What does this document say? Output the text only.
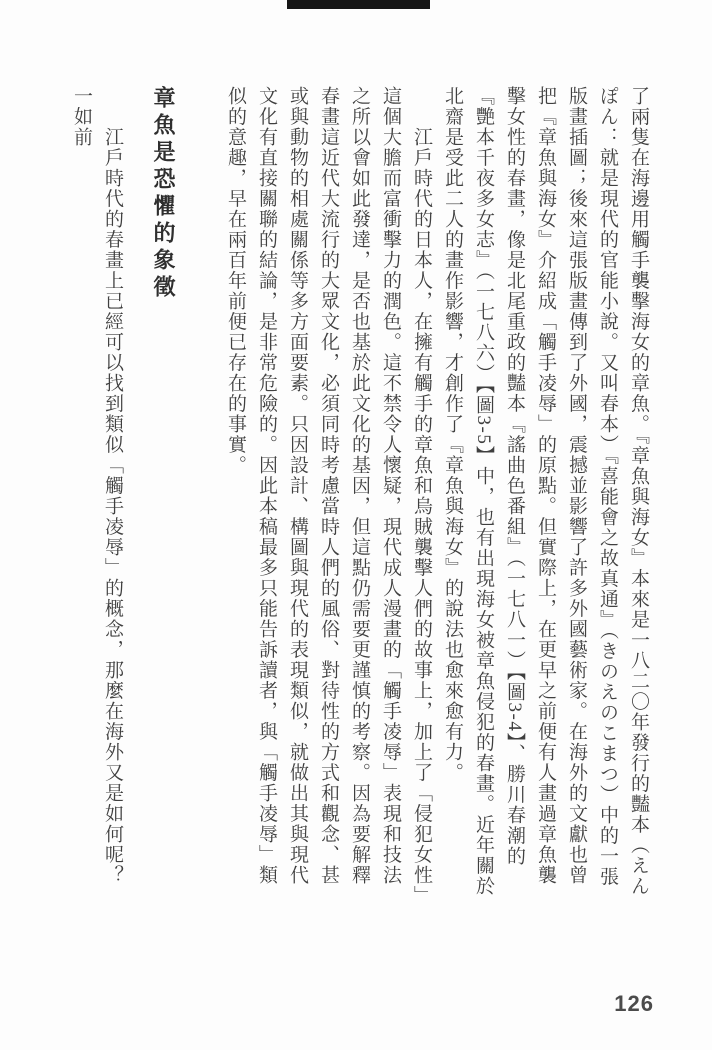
了兩隻在海邊用觸手襲擊海女的章魚。『章魚與海女』本來是一八二〇年發行的豔本（えんぽん：就是現代的官能小說。又叫春本）『喜能會之故真通』（きのえのこまつ）中的一張版畫插圖；後來這張版畫傳到了外國，震撼並影響了許多外國藝術家。在海外的文獻也曾把『章魚與海女』介紹成「觸手凌辱」的原點。但實際上，在更早之前便有人畫過章魚襲擊女性的春畫，像是北尾重政的豔本『謠曲色番組』（一七八一）【圖3-4】、勝川春潮的『艷本千夜多女志』（一七八六）【圖3-5】中，也有出現海女被章魚侵犯的春畫。近年關於北齋是受此二人的畫作影響，才創作了『章魚與海女』的說法也愈來愈有力。

江戶時代的日本人，在擁有觸手的章魚和烏賊襲擊人們的故事上，加上了「侵犯女性」這個大膽而富衝擊力的潤色。這不禁令人懷疑，現代成人漫畫的「觸手凌辱」表現和技法之所以會如此發達，是否也基於此文化的基因，但這點仍需要更謹慎的考察。因為要解釋春畫這近代大流行的大眾文化，必須同時考慮當時人們的風俗、對待性的方式和觀念、甚或與動物的相處關係等多方面要素。只因設計、構圖與現代的表現類似，就做出其與現代文化有直接關聯的結論，是非常危險的。因此本稿最多只能告訴讀者，與「觸手凌辱」類似的意趣，早在兩百年前便已存在的事實。

章魚是恐懼的象徵

江戶時代的春畫上已經可以找到類似「觸手凌辱」的概念，那麼在海外又是如何呢？一如前

126
